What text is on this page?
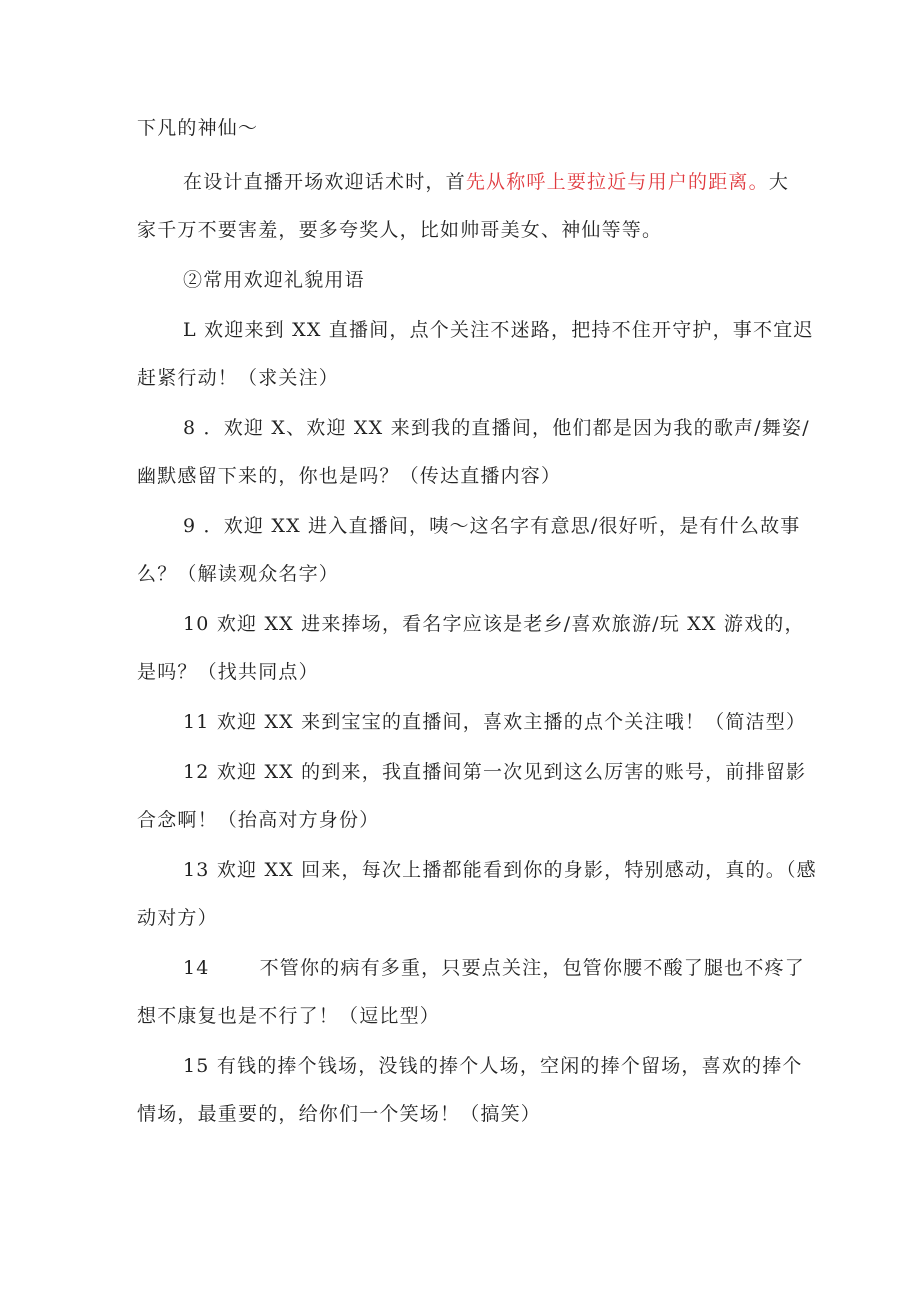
下凡的神仙～
在设计直播开场欢迎话术时，首先从称呼上要拉近与用户的距离。大
家千万不要害羞，要多夸奖人，比如帅哥美女、神仙等等。
②常用欢迎礼貌用语
L 欢迎来到 XX 直播间，点个关注不迷路，把持不住开守护，事不宜迟
赶紧行动！（求关注）
8 ．欢迎 X、欢迎 XX 来到我的直播间，他们都是因为我的歌声/舞姿/
幽默感留下来的，你也是吗？（传达直播内容）
9 ．欢迎 XX 进入直播间，咦～这名字有意思/很好听，是有什么故事
么？（解读观众名字）
10 欢迎 XX 进来捧场，看名字应该是老乡/喜欢旅游/玩 XX 游戏的，
是吗？（找共同点）
11 欢迎 XX 来到宝宝的直播间，喜欢主播的点个关注哦！（简洁型）
12 欢迎 XX 的到来，我直播间第一次见到这么厉害的账号，前排留影
合念啊！（抬高对方身份）
13 欢迎 XX 回来，每次上播都能看到你的身影，特别感动，真的。（感
动对方）
14	不管你的病有多重，只要点关注，包管你腰不酸了腿也不疼了
想不康复也是不行了！（逗比型）
15 有钱的捧个钱场，没钱的捧个人场，空闲的捧个留场，喜欢的捧个
情场，最重要的，给你们一个笑场！（搞笑）
